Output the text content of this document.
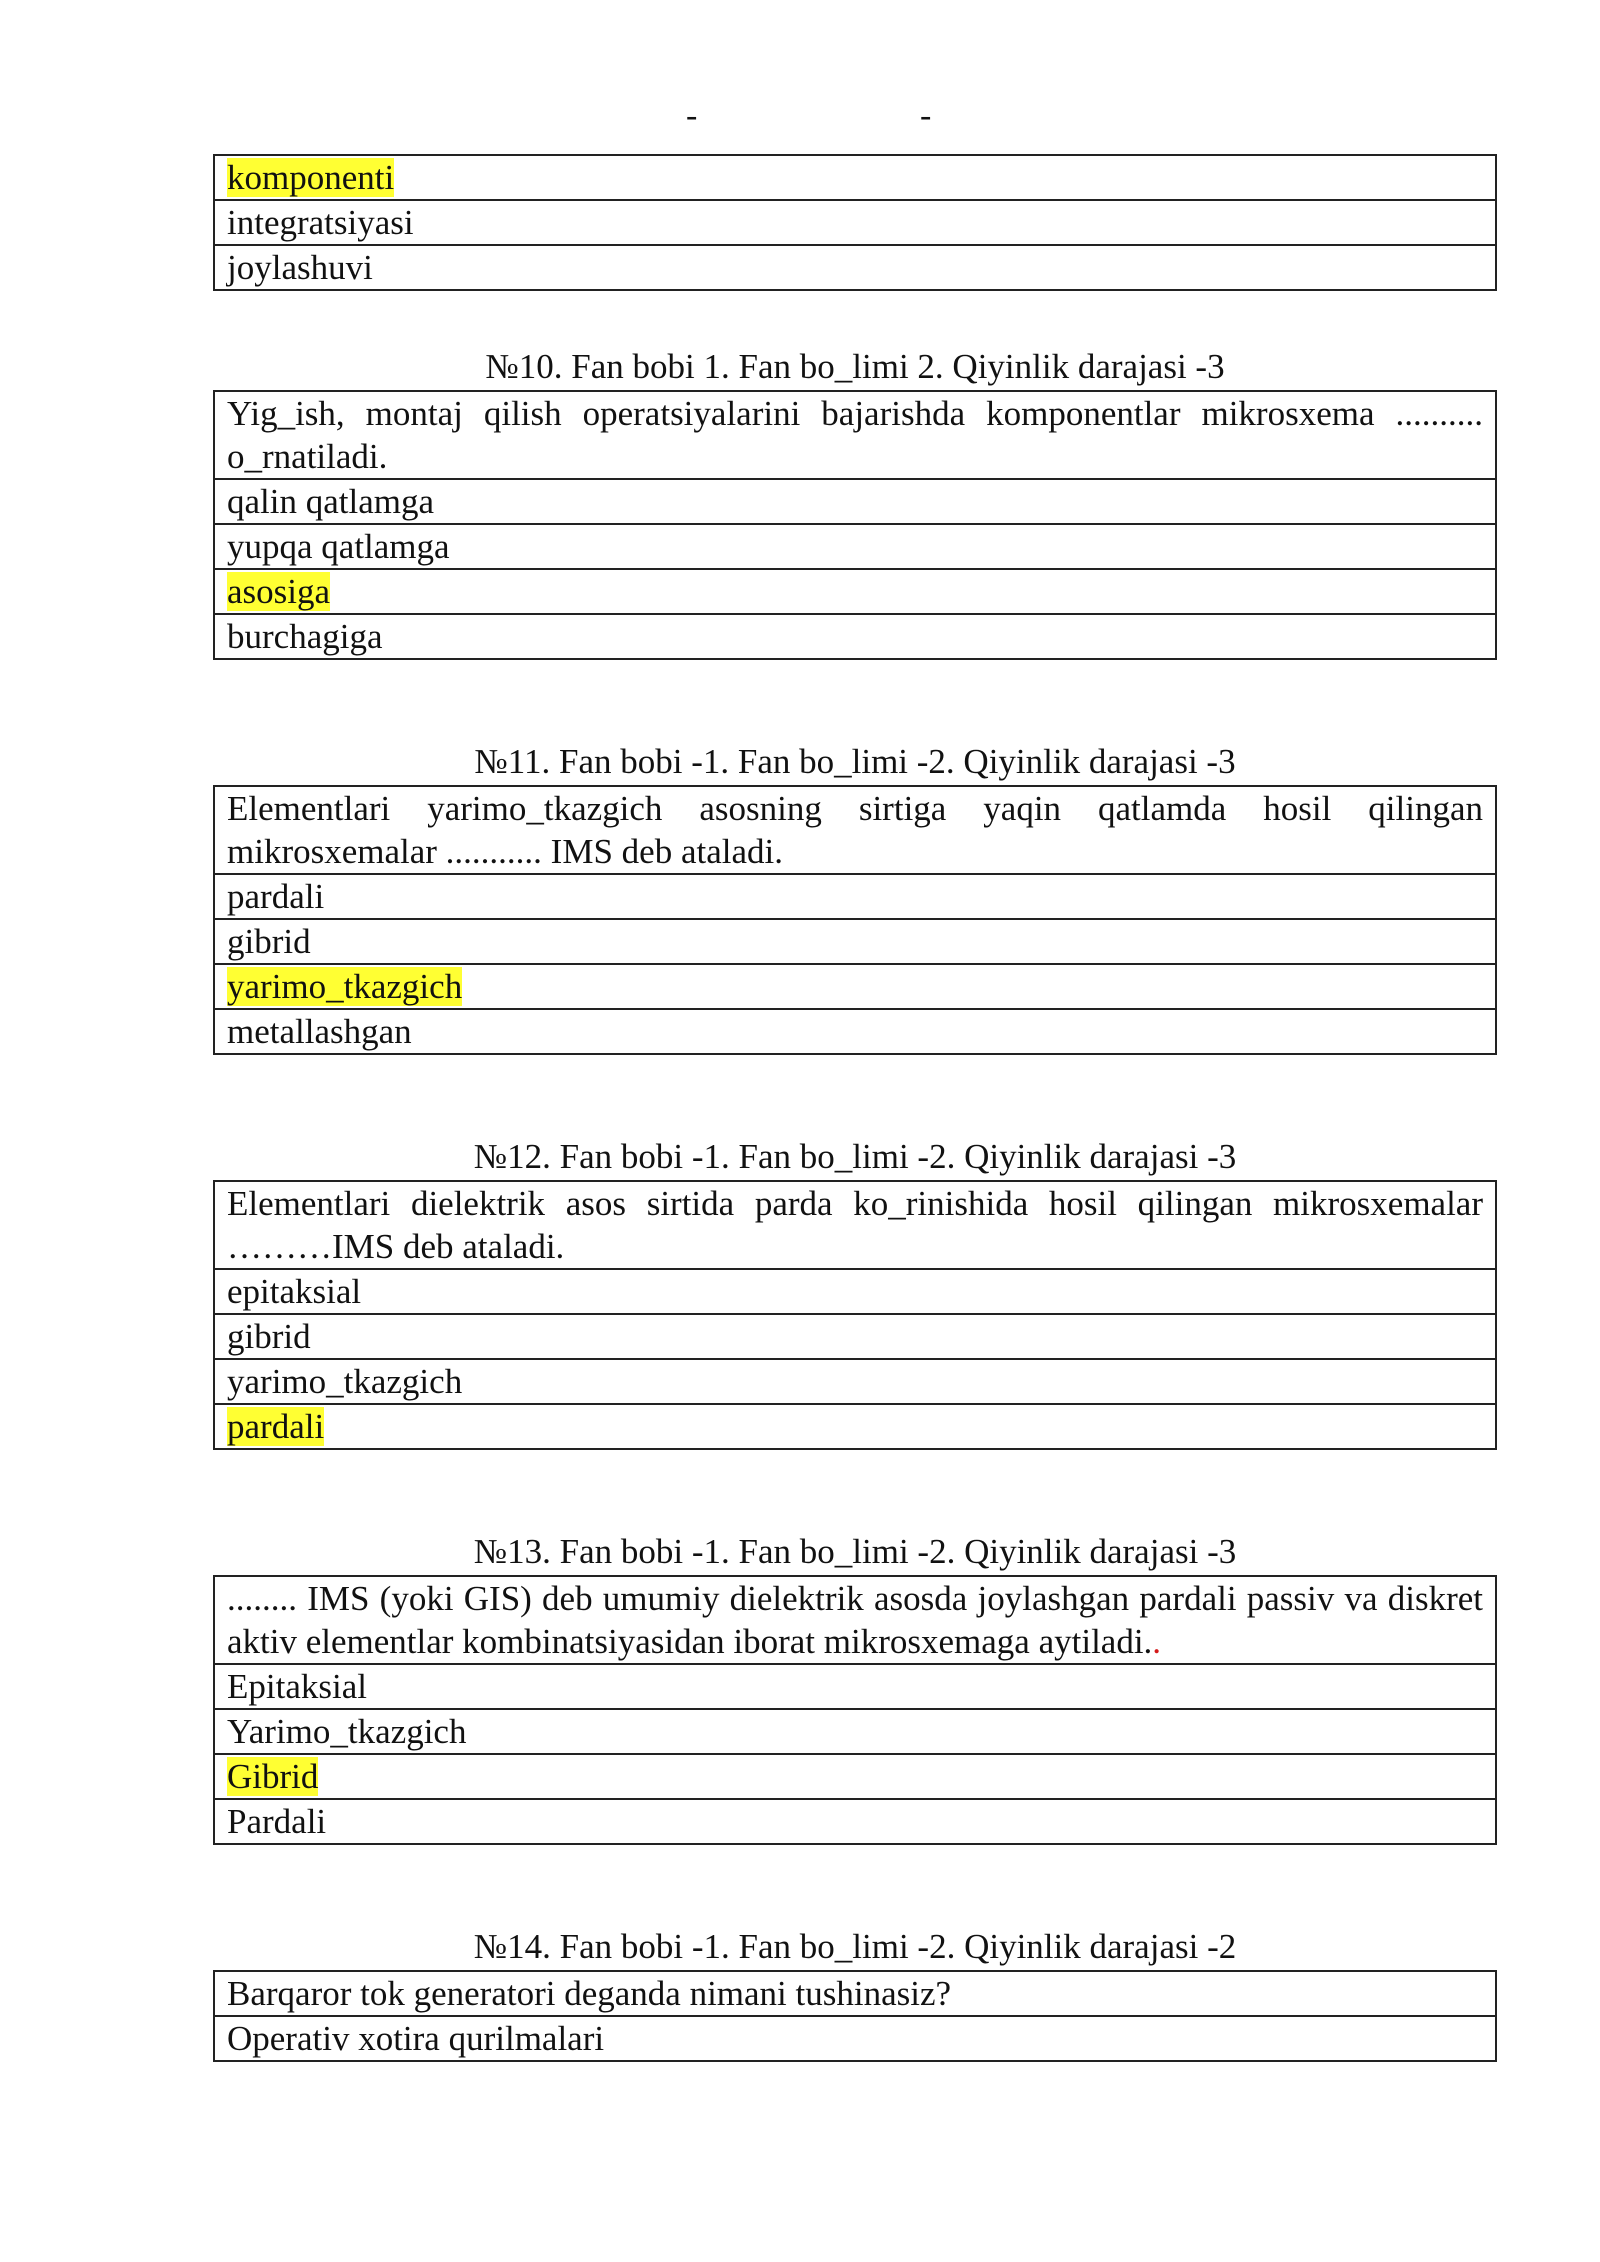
-	-
komponenti
integratsiyasi
joylashuvi
№10. Fan bobi 1. Fan bo_limi 2. Qiyinlik darajasi -3
Yig_ish, montaj qilish operatsiyalarini bajarishda komponentlar mikrosxema .......... o_rnatiladi.
qalin qatlamga
yupqa qatlamga
asosiga
burchagiga
№11. Fan bobi -1. Fan bo_limi -2. Qiyinlik darajasi -3
Elementlari yarimo_tkazgich asosning sirtiga yaqin qatlamda hosil qilingan mikrosxemalar ........... IMS deb ataladi.
pardali
gibrid
yarimo_tkazgich
metallashgan
№12. Fan bobi -1. Fan bo_limi -2. Qiyinlik darajasi -3
Elementlari dielektrik asos sirtida parda ko_rinishida hosil qilingan mikrosxemalar ………IMS deb ataladi.
epitaksial
gibrid
yarimo_tkazgich
pardali
№13. Fan bobi -1. Fan bo_limi -2. Qiyinlik darajasi -3
........ IMS (yoki GIS) deb umumiy dielektrik asosda joylashgan pardali passiv va diskret aktiv elementlar kombinatsiyasidan iborat mikrosxemaga aytiladi..
Epitaksial
Yarimo_tkazgich
Gibrid
Pardali
№14. Fan bobi -1. Fan bo_limi -2. Qiyinlik darajasi -2
Barqaror tok generatori deganda nimani tushinasiz?
Operativ xotira qurilmalari
